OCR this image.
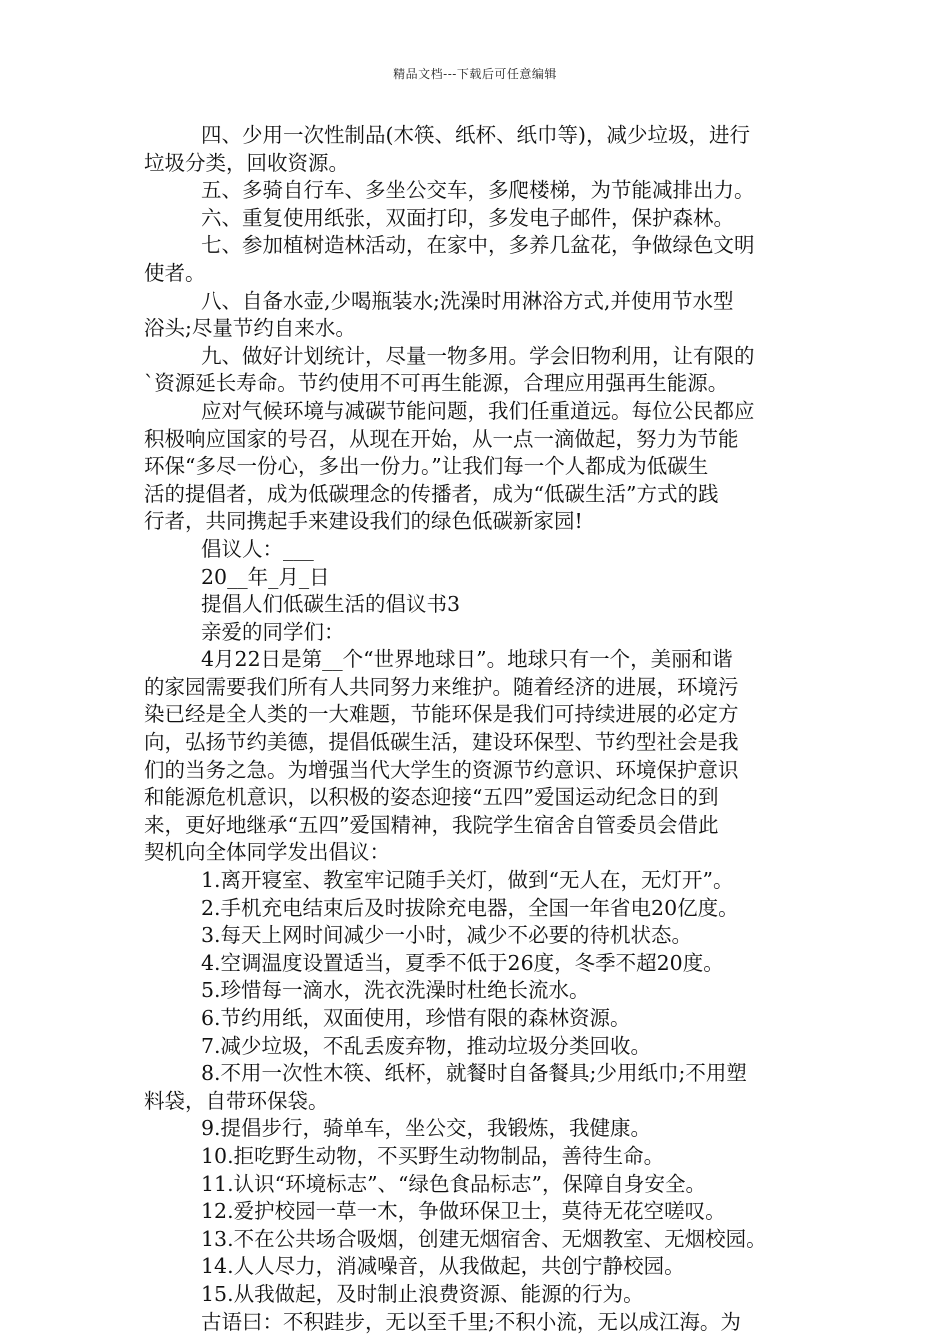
精品文档---下载后可任意编辑

四、少用一次性制品(木筷、纸杯、纸巾等)，减少垃圾，进行
垃圾分类，回收资源。

五、多骑自行车、多坐公交车，多爬楼梯，为节能减排出力。

六、重复使用纸张，双面打印，多发电子邮件，保护森林。

七、参加植树造林活动，在家中，多养几盆花，争做绿色文明
使者。

八、自备水壶,少喝瓶装水;洗澡时用淋浴方式,并使用节水型
浴头;尽量节约自来水。

九、做好计划统计，尽量一物多用。学会旧物利用，让有限的
`资源延长寿命。节约使用不可再生能源，合理应用强再生能源。

应对气候环境与减碳节能问题，我们任重道远。每位公民都应
积极响应国家的号召，从现在开始，从一点一滴做起，努力为节能
环保“多尽一份心，多出一份力。”让我们每一个人都成为低碳生
活的提倡者，成为低碳理念的传播者，成为“低碳生活”方式的践
行者，共同携起手来建设我们的绿色低碳新家园!

倡议人：___

20__年_月_日

提倡人们低碳生活的倡议书3

亲爱的同学们：

4月22日是第__个“世界地球日”。地球只有一个，美丽和谐
的家园需要我们所有人共同努力来维护。随着经济的进展，环境污
染已经是全人类的一大难题，节能环保是我们可持续进展的必定方
向，弘扬节约美德，提倡低碳生活，建设环保型、节约型社会是我
们的当务之急。为增强当代大学生的资源节约意识、环境保护意识
和能源危机意识，以积极的姿态迎接“五四”爱国运动纪念日的到
来，更好地继承“五四”爱国精神，我院学生宿舍自管委员会借此
契机向全体同学发出倡议：

1.离开寝室、教室牢记随手关灯，做到“无人在，无灯开”。

2.手机充电结束后及时拔除充电器，全国一年省电20亿度。

3.每天上网时间减少一小时，减少不必要的待机状态。

4.空调温度设置适当，夏季不低于26度，冬季不超20度。

5.珍惜每一滴水，洗衣洗澡时杜绝长流水。

6.节约用纸，双面使用，珍惜有限的森林资源。

7.减少垃圾，不乱丢废弃物，推动垃圾分类回收。

8.不用一次性木筷、纸杯，就餐时自备餐具;少用纸巾;不用塑
料袋，自带环保袋。

9.提倡步行，骑单车，坐公交，我锻炼，我健康。

10.拒吃野生动物，不买野生动物制品，善待生命。

11.认识“环境标志”、“绿色食品标志”，保障自身安全。

12.爱护校园一草一木，争做环保卫士，莫待无花空嗟叹。

13.不在公共场合吸烟，创建无烟宿舍、无烟教室、无烟校园。

14.人人尽力，消减噪音，从我做起，共创宁静校园。

15.从我做起，及时制止浪费资源、能源的行为。

古语曰：不积跬步，无以至千里;不积小流，无以成江海。为
